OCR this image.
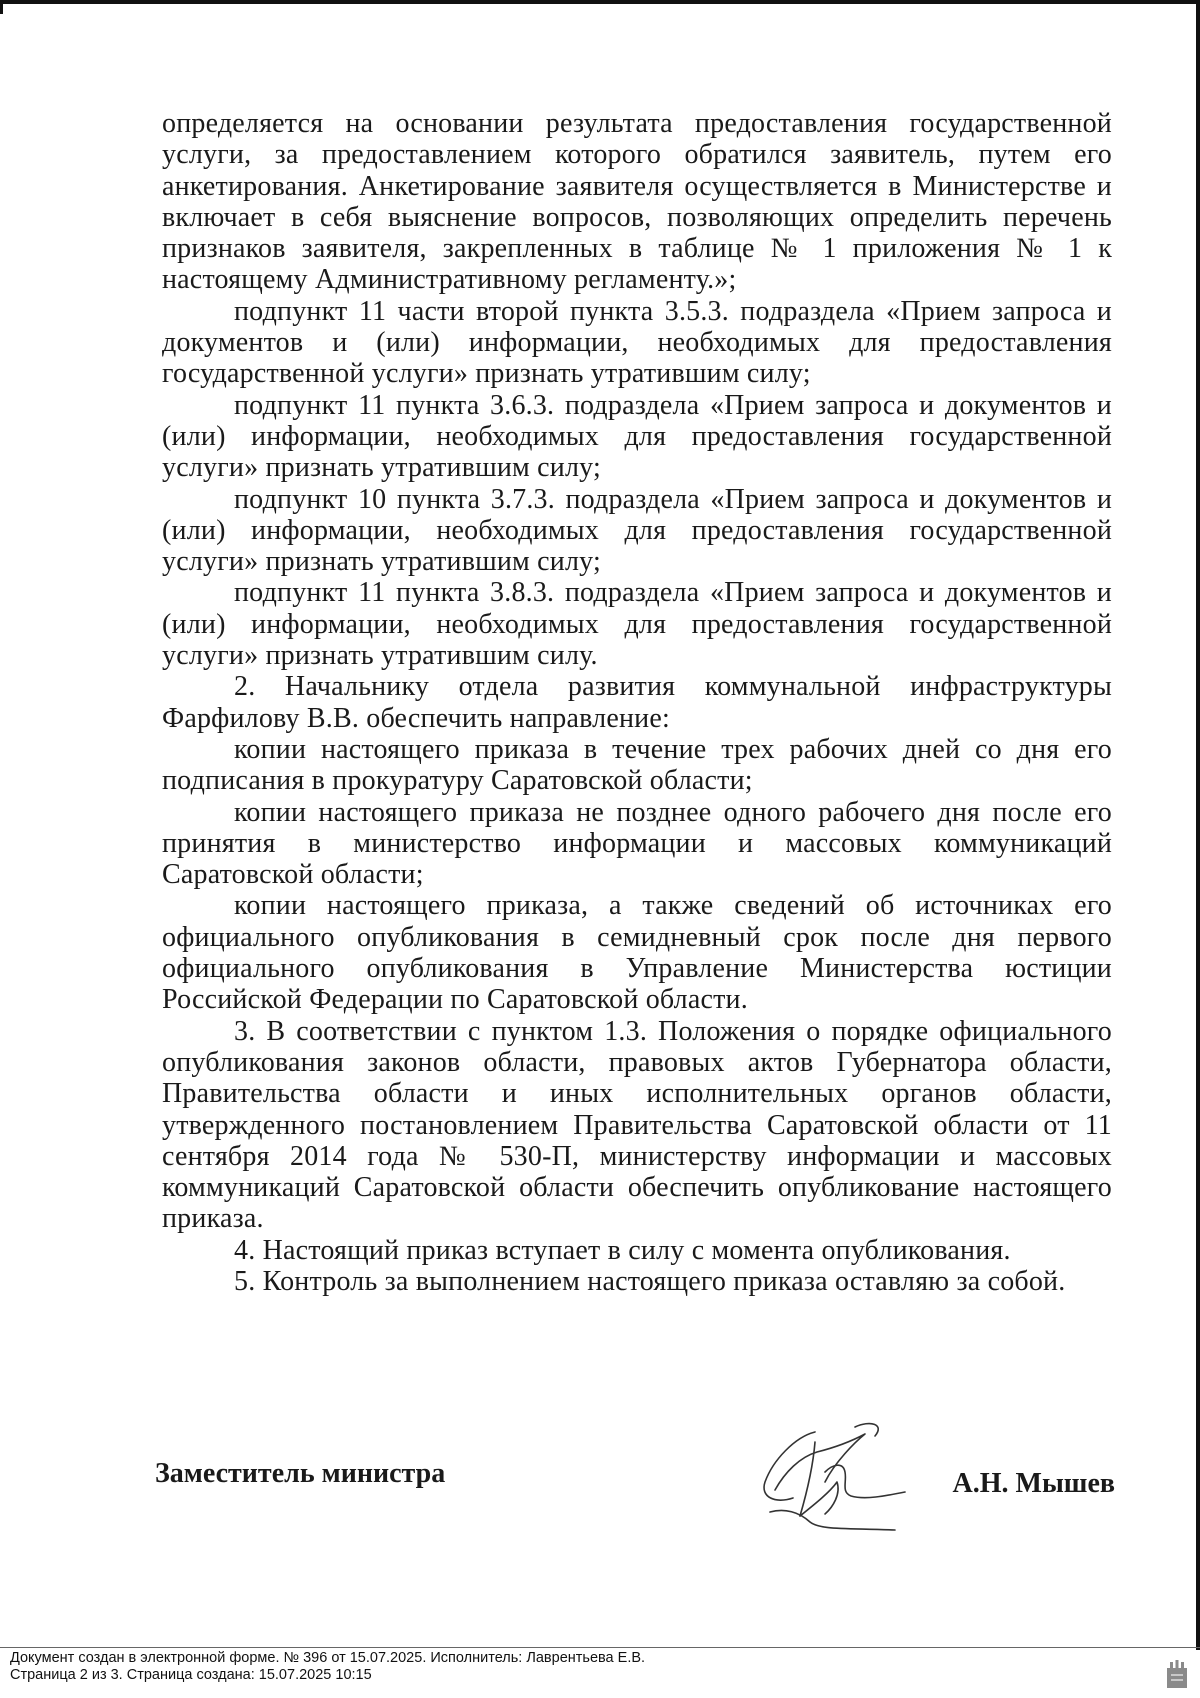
определяется на основании результата предоставления государственной услуги, за предоставлением которого обратился заявитель, путем его анкетирования. Анкетирование заявителя осуществляется в Министерстве и включает в себя выяснение вопросов, позволяющих определить перечень признаков заявителя, закрепленных в таблице № 1 приложения № 1 к настоящему Административному регламенту.»;

подпункт 11 части второй пункта 3.5.3. подраздела «Прием запроса и документов и (или) информации, необходимых для предоставления государственной услуги» признать утратившим силу;

подпункт 11 пункта 3.6.3. подраздела «Прием запроса и документов и (или) информации, необходимых для предоставления государственной услуги» признать утратившим силу;

подпункт 10 пункта 3.7.3. подраздела «Прием запроса и документов и (или) информации, необходимых для предоставления государственной услуги» признать утратившим силу;

подпункт 11 пункта 3.8.3. подраздела «Прием запроса и документов и (или) информации, необходимых для предоставления государственной услуги» признать утратившим силу.

2. Начальнику отдела развития коммунальной инфраструктуры Фарфилову В.В. обеспечить направление:

копии настоящего приказа в течение трех рабочих дней со дня его подписания в прокуратуру Саратовской области;

копии настоящего приказа не позднее одного рабочего дня после его принятия в министерство информации и массовых коммуникаций Саратовской области;

копии настоящего приказа, а также сведений об источниках его официального опубликования в семидневный срок после дня первого официального опубликования в Управление Министерства юстиции Российской Федерации по Саратовской области.

3. В соответствии с пунктом 1.3. Положения о порядке официального опубликования законов области, правовых актов Губернатора области, Правительства области и иных исполнительных органов области, утвержденного постановлением Правительства Саратовской области от 11 сентября 2014 года № 530-П, министерству информации и массовых коммуникаций Саратовской области обеспечить опубликование настоящего приказа.

4. Настоящий приказ вступает в силу с момента опубликования.

5. Контроль за выполнением настоящего приказа оставляю за собой.

Заместитель министра	А.Н. Мышев
Документ создан в электронной форме. № 396 от 15.07.2025. Исполнитель: Лаврентьева Е.В.
Страница 2 из 3. Страница создана: 15.07.2025 10:15
